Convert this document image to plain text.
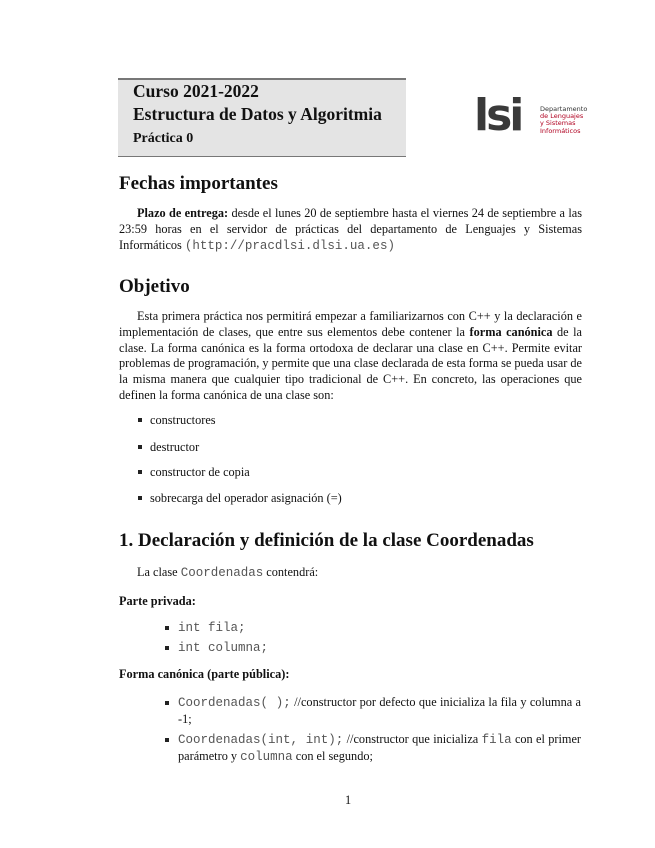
Curso 2021-2022
Estructura de Datos y Algoritmia
Práctica 0	lsi	Departamento
de Lenguajes
y Sistemas
Informáticos
Fechas importantes
Plazo de entrega: desde el lunes 20 de septiembre hasta el viernes 24 de septiembre a las 23:59 horas en el servidor de prácticas del departamento de Lenguajes y Sistemas Informáticos (http://pracdlsi.dlsi.ua.es)
Objetivo
Esta primera práctica nos permitirá empezar a familiarizarnos con C++ y la declaración e implementación de clases, que entre sus elementos debe contener la forma canónica de la clase. La forma canónica es la forma ortodoxa de declarar una clase en C++. Permite evitar problemas de programación, y permite que una clase declarada de esta forma se pueda usar de la misma manera que cualquier tipo tradicional de C++. En concreto, las operaciones que definen la forma canónica de una clase son:
constructores
destructor
constructor de copia
sobrecarga del operador asignación (=)
1. Declaración y definición de la clase Coordenadas
La clase Coordenadas contendrá:
Parte privada:
int fila;
int columna;
Forma canónica (parte pública):
Coordenadas( ); //constructor por defecto que inicializa la fila y columna a -1;
Coordenadas(int, int); //constructor que inicializa fila con el primer parámetro y columna con el segundo;
1
